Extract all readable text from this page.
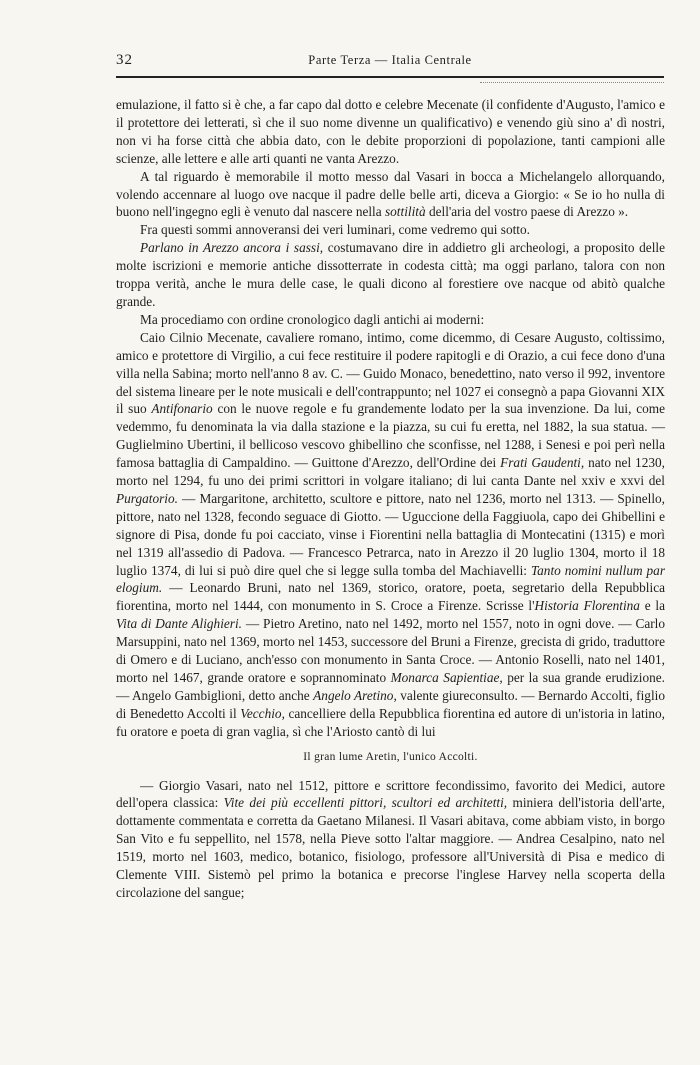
32	Parte Terza — Italia Centrale

emulazione, il fatto si è che, a far capo dal dotto e celebre Mecenate (il confidente d'Augusto, l'amico e il protettore dei letterati, sì che il suo nome divenne un qualificativo) e venendo giù sino a' dì nostri, non vi ha forse città che abbia dato, con le debite proporzioni di popolazione, tanti campioni alle scienze, alle lettere e alle arti quanti ne vanta Arezzo.

A tal riguardo è memorabile il motto messo dal Vasari in bocca a Michelangelo allorquando, volendo accennare al luogo ove nacque il padre delle belle arti, diceva a Giorgio: « Se io ho nulla di buono nell'ingegno egli è venuto dal nascere nella sottilità dell'aria del vostro paese di Arezzo ».

Fra questi sommi annoveransi dei veri luminari, come vedremo qui sotto.

Parlano in Arezzo ancora i sassi, costumavano dire in addietro gli archeologi, a proposito delle molte iscrizioni e memorie antiche dissotterrate in codesta città; ma oggi parlano, talora con non troppa verità, anche le mura delle case, le quali dicono al forestiere ove nacque od abitò qualche grande.

Ma procediamo con ordine cronologico dagli antichi ai moderni:

Caio Cilnio Mecenate, cavaliere romano, intimo, come dicemmo, di Cesare Augusto, coltissimo, amico e protettore di Virgilio, a cui fece restituire il podere rapitogli e di Orazio, a cui fece dono d'una villa nella Sabina; morto nell'anno 8 av. C. — Guido Monaco, benedettino, nato verso il 992, inventore del sistema lineare per le note musicali e dell'contrappunto; nel 1027 ei consegnò a papa Giovanni XIX il suo Antifonario con le nuove regole e fu grandemente lodato per la sua invenzione. Da lui, come vedemmo, fu denominata la via dalla stazione e la piazza, su cui fu eretta, nel 1882, la sua statua. — Guglielmino Ubertini, il bellicoso vescovo ghibellino che sconfisse, nel 1288, i Senesi e poi perì nella famosa battaglia di Campaldino. — Guittone d'Arezzo, dell'Ordine dei Frati Gaudenti, nato nel 1230, morto nel 1294, fu uno dei primi scrittori in volgare italiano; di lui canta Dante nel xxiv e xxvi del Purgatorio. — Margaritone, architetto, scultore e pittore, nato nel 1236, morto nel 1313. — Spinello, pittore, nato nel 1328, fecondo seguace di Giotto. — Uguccione della Faggiuola, capo dei Ghibellini e signore di Pisa, donde fu poi cacciato, vinse i Fiorentini nella battaglia di Montecatini (1315) e morì nel 1319 all'assedio di Padova. — Francesco Petrarca, nato in Arezzo il 20 luglio 1304, morto il 18 luglio 1374, di lui si può dire quel che si legge sulla tomba del Machiavelli: Tanto nomini nullum par elogium. — Leonardo Bruni, nato nel 1369, storico, oratore, poeta, segretario della Repubblica fiorentina, morto nel 1444, con monumento in S. Croce a Firenze. Scrisse l'Historia Florentina e la Vita di Dante Alighieri. — Pietro Aretino, nato nel 1492, morto nel 1557, noto in ogni dove. — Carlo Marsuppini, nato nel 1369, morto nel 1453, successore del Bruni a Firenze, grecista di grido, traduttore di Omero e di Luciano, anch'esso con monumento in Santa Croce. — Antonio Roselli, nato nel 1401, morto nel 1467, grande oratore e soprannominato Monarca Sapientiae, per la sua grande erudizione. — Angelo Gambiglioni, detto anche Angelo Aretino, valente giureconsulto. — Bernardo Accolti, figlio di Benedetto Accolti il Vecchio, cancelliere della Repubblica fiorentina ed autore di un'istoria in latino, fu oratore e poeta di gran vaglia, sì che l'Ariosto cantò di lui

Il gran lume Aretin, l'unico Accolti.

— Giorgio Vasari, nato nel 1512, pittore e scrittore fecondissimo, favorito dei Medici, autore dell'opera classica: Vite dei più eccellenti pittori, scultori ed architetti, miniera dell'istoria dell'arte, dottamente commentata e corretta da Gaetano Milanesi. Il Vasari abitava, come abbiam visto, in borgo San Vito e fu seppellito, nel 1578, nella Pieve sotto l'altar maggiore. — Andrea Cesalpino, nato nel 1519, morto nel 1603, medico, botanico, fisiologo, professore all'Università di Pisa e medico di Clemente VIII. Sistemò pel primo la botanica e precorse l'inglese Harvey nella scoperta della circolazione del sangue;
